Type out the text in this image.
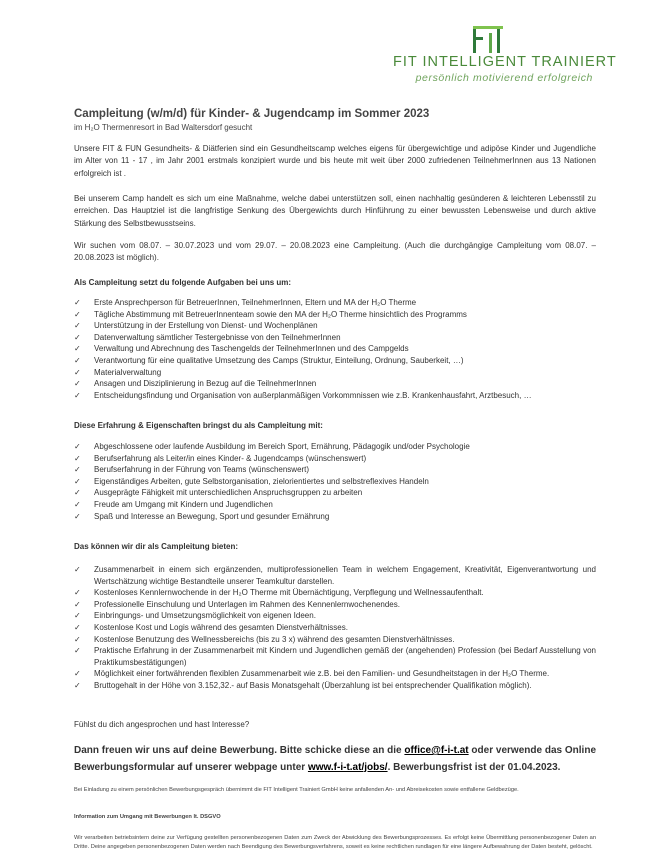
FIT INTELLIGENT TRAINIERT
persönlich motivierend erfolgreich
Campleitung (w/m/d) für Kinder- & Jugendcamp im Sommer 2023
im H₂O Thermenresort in Bad Waltersdorf gesucht
Unsere FIT & FUN Gesundheits- & Diätferien sind ein Gesundheitscamp welches eigens für übergewichtige und adipöse Kinder und Jugendliche im Alter von 11 - 17 , im Jahr 2001 erstmals konzipiert wurde und bis heute mit weit über 2000 zufriedenen TeilnehmerInnen aus 13 Nationen erfolgreich ist .
Bei unserem Camp handelt es sich um eine Maßnahme, welche dabei unterstützen soll, einen nachhaltig gesünderen & leichteren Lebensstil zu erreichen. Das Hauptziel ist die langfristige Senkung des Übergewichts durch Hinführung zu einer bewussten Lebensweise und durch aktive Stärkung des Selbstbewusstseins.
Wir suchen vom 08.07. – 30.07.2023 und vom 29.07. – 20.08.2023 eine Campleitung. (Auch die durchgängige Campleitung vom 08.07. – 20.08.2023 ist möglich).
Als Campleitung setzt du folgende Aufgaben bei uns um:
✓ Erste Ansprechperson für BetreuerInnen, TeilnehmerInnen, Eltern und MA der H₂O Therme
✓ Tägliche Abstimmung mit BetreuerInnenteam sowie den MA der H₂O Therme hinsichtlich des Programms
✓ Unterstützung in der Erstellung von Dienst- und Wochenplänen
✓ Datenverwaltung sämtlicher Testergebnisse von den TeilnehmerInnen
✓ Verwaltung und Abrechnung des Taschengelds der TeilnehmerInnen und des Campgelds
✓ Verantwortung für eine qualitative Umsetzung des Camps (Struktur, Einteilung, Ordnung, Sauberkeit, …)
✓ Materialverwaltung
✓ Ansagen und Disziplinierung in Bezug auf die TeilnehmerInnen
✓ Entscheidungsfindung und Organisation von außerplanmäßigen Vorkommnissen wie z.B. Krankenhausfahrt, Arztbesuch, …
Diese Erfahrung & Eigenschaften bringst du als Campleitung mit:
✓ Abgeschlossene oder laufende Ausbildung im Bereich Sport, Ernährung, Pädagogik und/oder Psychologie
✓ Berufserfahrung als Leiter/in eines Kinder- & Jugendcamps (wünschenswert)
✓ Berufserfahrung in der Führung von Teams (wünschenswert)
✓ Eigenständiges Arbeiten, gute Selbstorganisation, zielorientiertes und selbstreflexives Handeln
✓ Ausgeprägte Fähigkeit mit unterschiedlichen Anspruchsgruppen zu arbeiten
✓ Freude am Umgang mit Kindern und Jugendlichen
✓ Spaß und Interesse an Bewegung, Sport und gesunder Ernährung
Das können wir dir als Campleitung bieten:
✓ Zusammenarbeit in einem sich ergänzenden, multiprofessionellen Team in welchem Engagement, Kreativität, Eigenverantwortung und Wertschätzung wichtige Bestandteile unserer Teamkultur darstellen.
✓ Kostenloses Kennlernwochende in der H₂O Therme mit Übernächtigung, Verpflegung und Wellnessaufenthalt.
✓ Professionelle Einschulung und Unterlagen im Rahmen des Kennenlernwochenendes.
✓ Einbringungs- und Umsetzungsmöglichkeit von eigenen Ideen.
✓ Kostenlose Kost und Logis während des gesamten Dienstverhältnisses.
✓ Kostenlose Benutzung des Wellnessbereichs (bis zu 3 x) während des gesamten Dienstverhältnisses.
✓ Praktische Erfahrung in der Zusammenarbeit mit Kindern und Jugendlichen gemäß der (angehenden) Profession (bei Bedarf Ausstellung von Praktikumsbestätigungen)
✓ Möglichkeit einer fortwährenden flexiblen Zusammenarbeit wie z.B. bei den Familien- und Gesundheitstagen in der H₂O Therme.
✓ Bruttogehalt in der Höhe von 3.152,32.- auf Basis Monatsgehalt (Überzahlung ist bei entsprechender Qualifikation möglich).
Fühlst du dich angesprochen und hast Interesse?
Dann freuen wir uns auf deine Bewerbung. Bitte schicke diese an die office@f-i-t.at oder verwende das Online Bewerbungsformular auf unserer webpage unter www.f-i-t.at/jobs/. Bewerbungsfrist ist der 01.04.2023.
Bei Einladung zu einem persönlichen Bewerbungsgespräch übernimmt die FIT Intelligent Trainiert GmbH keine anfallenden An- und Abreisekosten sowie entfallene Geldbezüge.
Information zum Umgang mit Bewerbungen lt. DSGVO
Wir verarbeiten betriebsintern deine zur Verfügung gestellten personenbezogenen Daten zum Zweck der Abwicklung des Bewerbungsprozesses. Es erfolgt keine Übermittlung personenbezogener Daten an Dritte. Deine angegeben personenbezogenen Daten werden nach Beendigung des Bewerbungsverfahrens, soweit es keine rechtlichen rundlagen für eine längere Aufbewahrung der Daten besteht, gelöscht.
